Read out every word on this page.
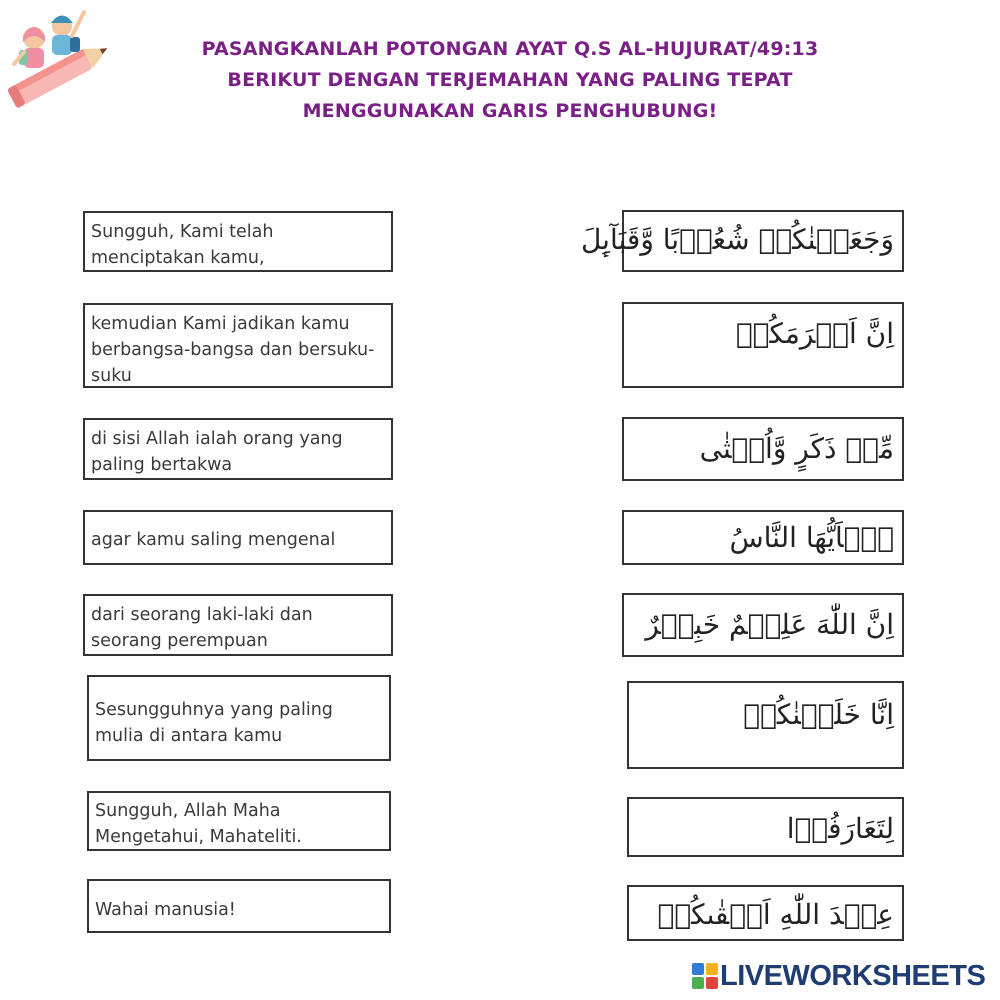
PASANGKANLAH POTONGAN AYAT Q.S AL-HUJURAT/49:13
BERIKUT DENGAN TERJEMAHAN YANG PALING TEPAT
MENGGUNAKAN GARIS PENGHUBUNG!
Sungguh, Kami telah
menciptakan kamu,
kemudian Kami jadikan kamu
berbangsa-bangsa dan bersuku-
suku
di sisi Allah ialah orang yang
paling bertakwa
agar kamu saling mengenal
dari seorang laki-laki dan
seorang perempuan
Sesungguhnya yang paling
mulia di antara kamu
Sungguh, Allah Maha
Mengetahui, Mahateliti.
Wahai manusia!
وَجَعَلۡنٰكُمۡ شُعُوۡبًا وَّقَبَآٮِٕلَ
اِنَّ اَكۡرَمَكُمۡ
مِّنۡ ذَكَرٍ وَّاُنۡثٰى
يٰۤاَيُّهَا النَّاسُ
اِنَّ اللّٰهَ عَلِيۡمٌ خَبِيۡرٌ
اِنَّا خَلَقۡنٰكُمۡ
لِتَعَارَفُوۡا
عِنۡدَ اللّٰهِ اَتۡقٰٮكُمۡ
LIVEWORKSHEETS
